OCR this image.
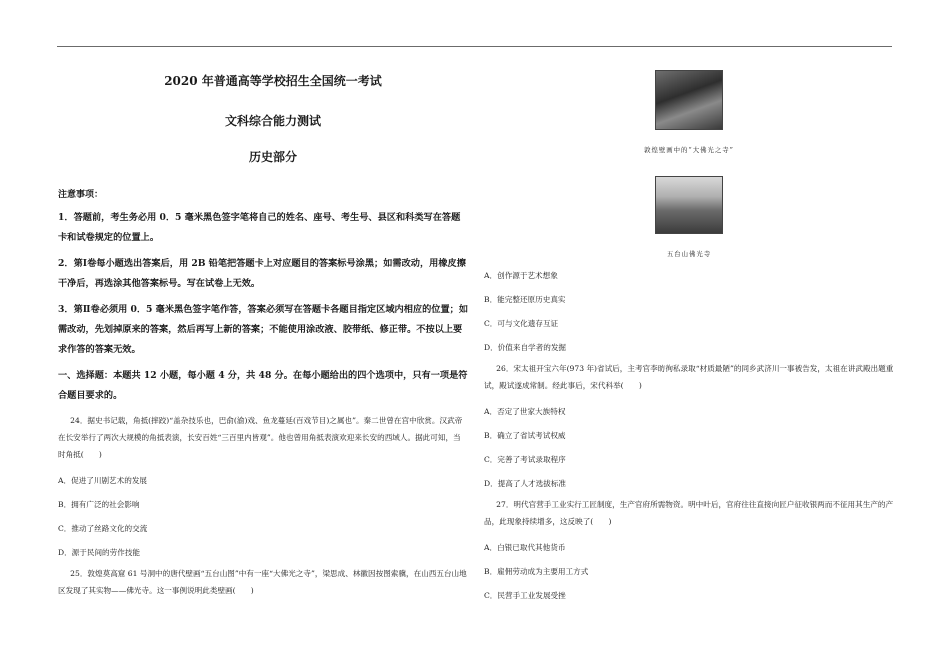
2020 年普通高等学校招生全国统一考试

文科综合能力测试

历史部分

注意事项：
1．答题前，考生务必用 0．5 毫米黑色签字笔将自己的姓名、座号、考生号、县区和科类写在答题卡和试卷规定的位置上。
2．第Ⅰ卷每小题选出答案后，用 2B 铅笔把答题卡上对应题目的答案标号涂黑；如需改动，用橡皮擦干净后，再选涂其他答案标号。写在试卷上无效。
3．第Ⅱ卷必须用 0．5 毫米黑色签字笔作答，答案必须写在答题卡各题目指定区域内相应的位置；如需改动，先划掉原来的答案，然后再写上新的答案；不能使用涂改液、胶带纸、修正带。不按以上要求作答的答案无效。
一、选择题：本题共 12 小题，每小题 4 分，共 48 分。在每小题给出的四个选项中，只有一项是符合题目要求的。
24．据史书记载，角抵(摔跤)“盖杂技乐也，巴俞(渝)戏、鱼龙蔓延(百戏节目)之属也”。秦二世曾在宫中欣赏。汉武帝在长安举行了两次大规模的角抵表演，长安百姓“三百里内皆观”。他也曾用角抵表演欢迎来长安的西域人。据此可知，当时角抵(　　)
A．促进了川剧艺术的发展
B．拥有广泛的社会影响
C．推动了丝路文化的交流
D．源于民间的劳作技能
25．敦煌莫高窟 61 号洞中的唐代壁画“五台山图”中有一座“大佛光之寺”，梁思成、林徽因按图索骥，在山西五台山地区发现了其实物——佛光寺。这一事例说明此类壁画(　　)
敦煌壁画中的“大佛光之寺”
五台山佛光寺
A．创作源于艺术想象
B．能完整还原历史真实
C．可与文化遗存互证
D．价值来自学者的发掘
26．宋太祖开宝六年(973 年)省试后，主考官李昉徇私录取“材质最陋”的同乡武济川一事被告发，太祖在讲武殿出题重试，殿试遂成常制。经此事后，宋代科举(　　)
A．否定了世家大族特权
B．确立了省试考试权威
C．完善了考试录取程序
D．提高了人才选拔标准
27．明代官营手工业实行工匠制度，生产官府所需物资。明中叶后，官府往往直接向匠户征收银两而不征用其生产的产品，此现象持续增多，这反映了(　　)
A．白银已取代其他货币
B．雇佣劳动成为主要用工方式
C．民营手工业发展受挫
